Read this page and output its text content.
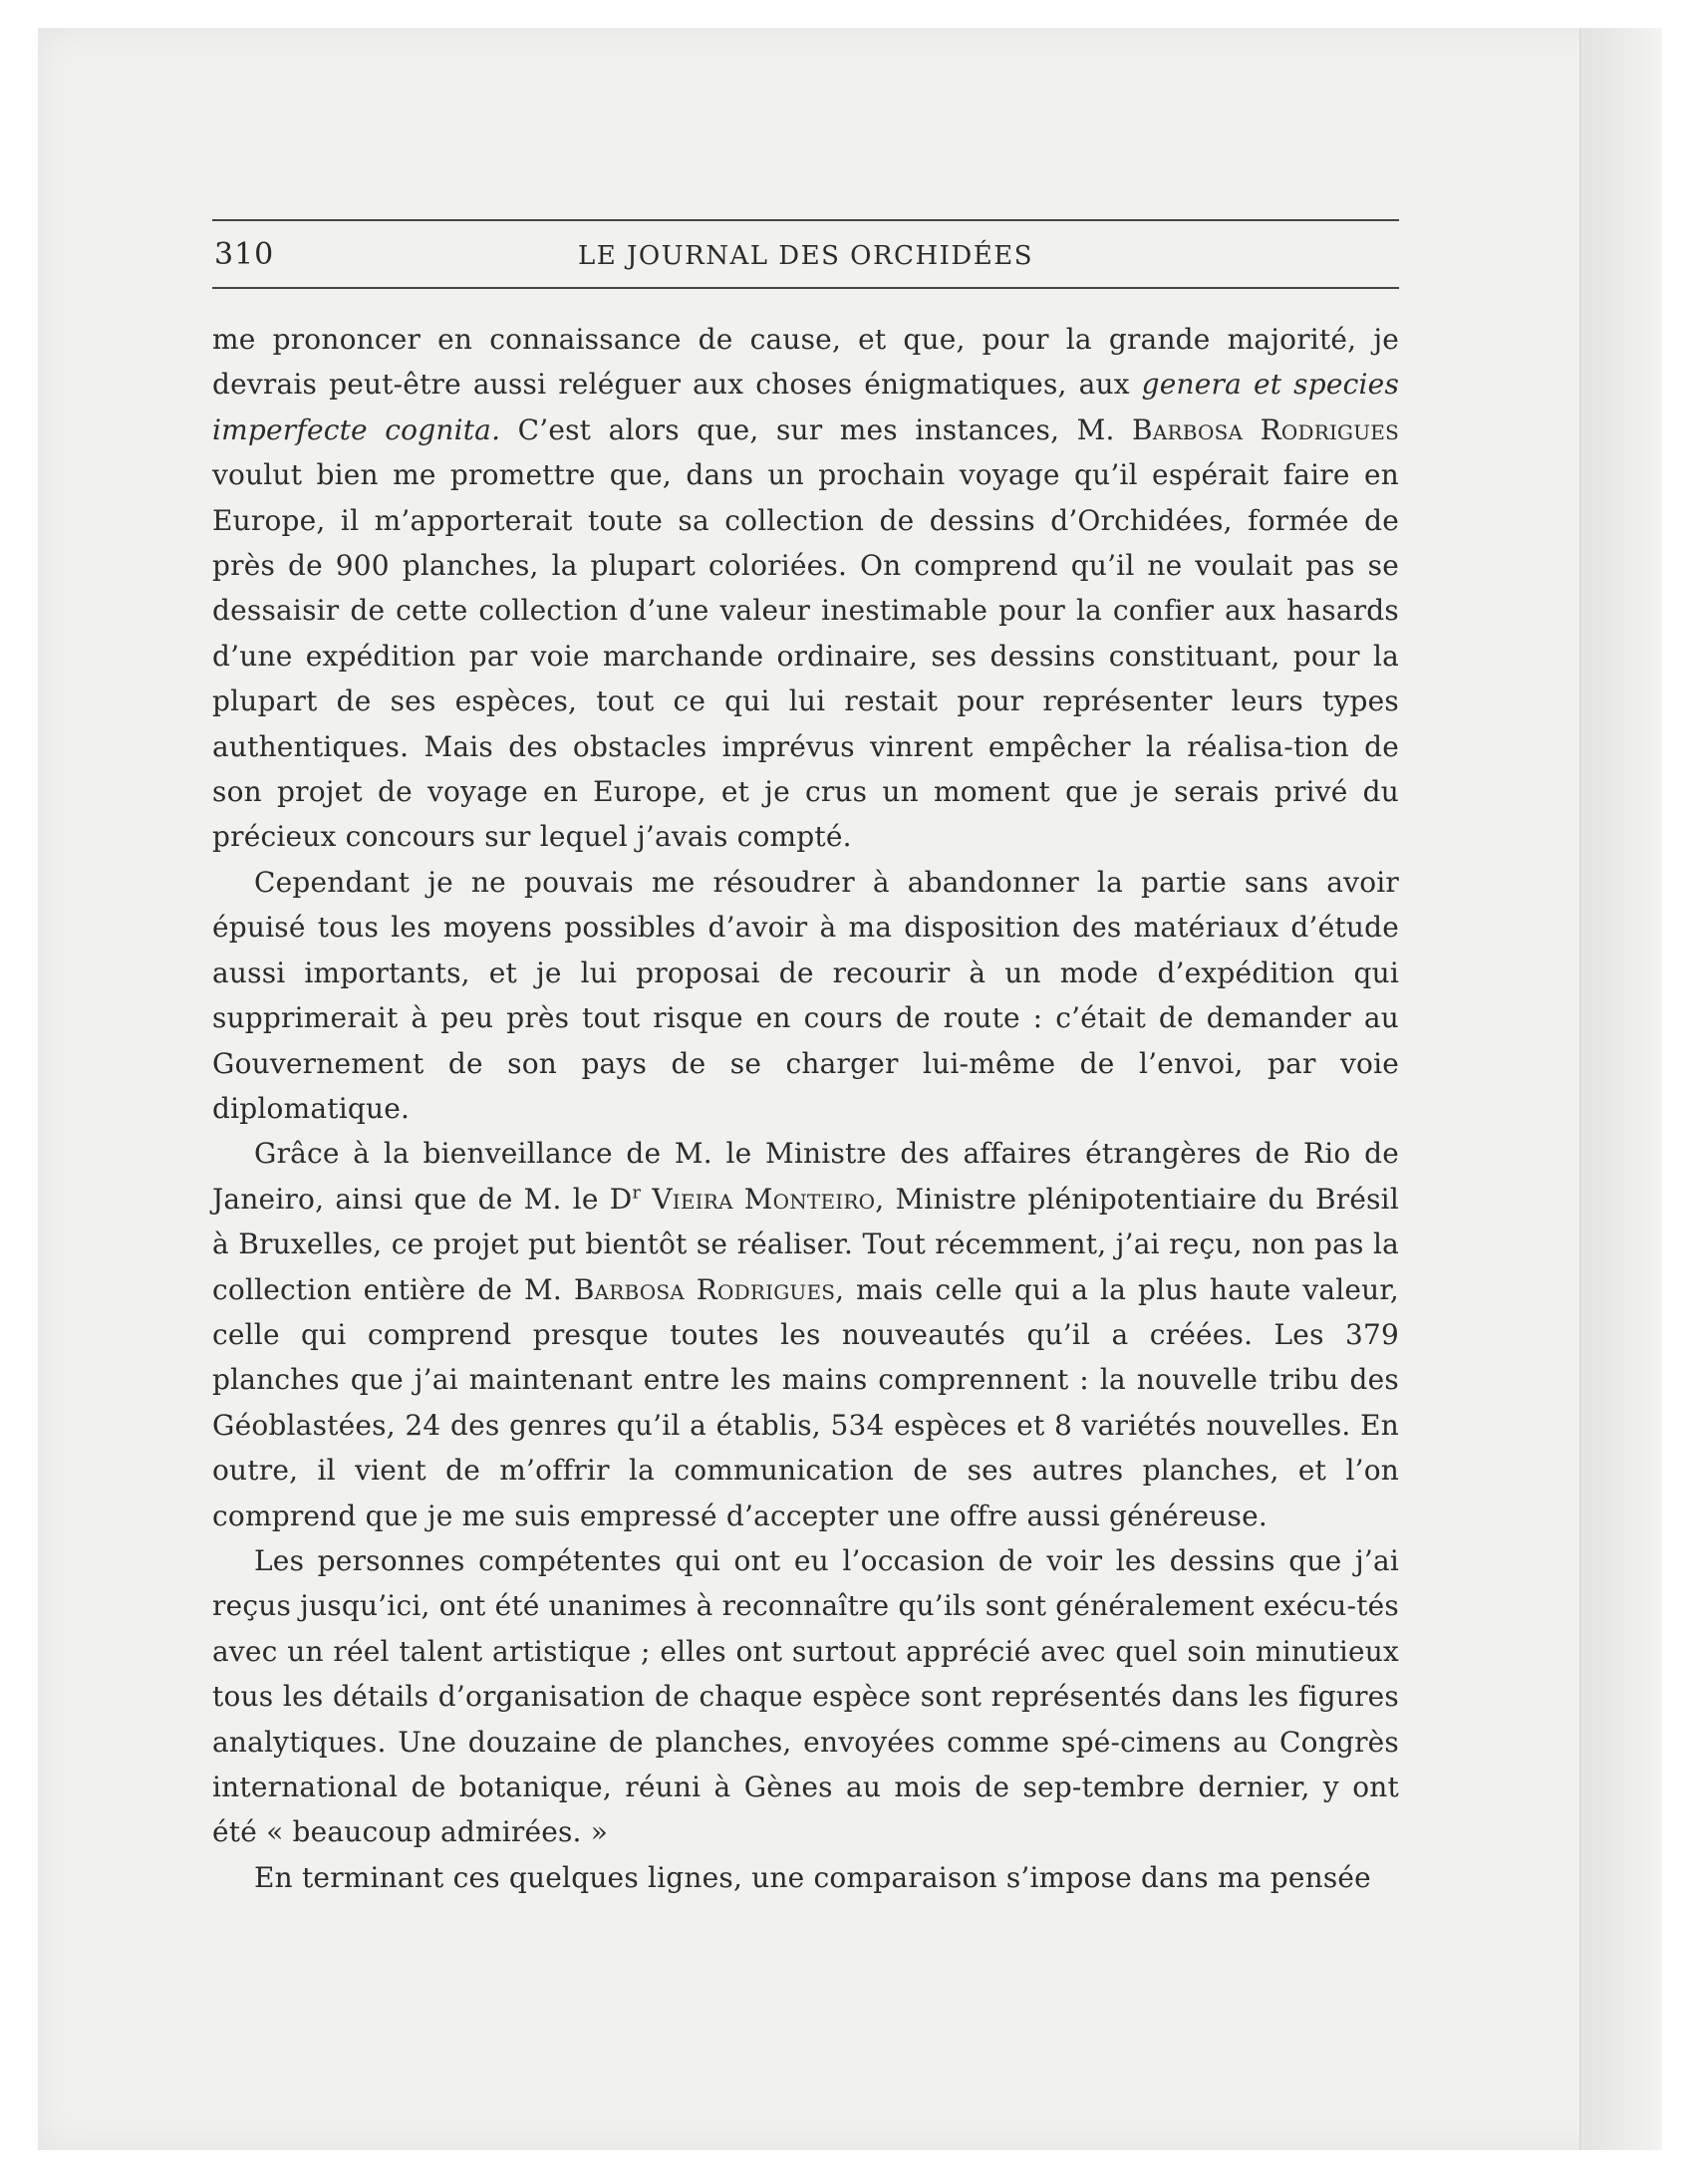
310	LE JOURNAL DES ORCHIDÉES

me prononcer en connaissance de cause, et que, pour la grande majorité, je devrais peut-être aussi reléguer aux choses énigmatiques, aux genera et species imperfecte cognita. C’est alors que, sur mes instances, M. Barbosa Rodrigues voulut bien me promettre que, dans un prochain voyage qu’il espérait faire en Europe, il m’apporterait toute sa collection de dessins d’Orchidées, formée de près de 900 planches, la plupart coloriées. On comprend qu’il ne voulait pas se dessaisir de cette collection d’une valeur inestimable pour la confier aux hasards d’une expédition par voie marchande ordinaire, ses dessins constituant, pour la plupart de ses espèces, tout ce qui lui restait pour représenter leurs types authentiques. Mais des obstacles imprévus vinrent empêcher la réalisa-tion de son projet de voyage en Europe, et je crus un moment que je serais privé du précieux concours sur lequel j’avais compté.

Cependant je ne pouvais me résoudrer à abandonner la partie sans avoir épuisé tous les moyens possibles d’avoir à ma disposition des matériaux d’étude aussi importants, et je lui proposai de recourir à un mode d’expédition qui supprimerait à peu près tout risque en cours de route : c’était de demander au Gouvernement de son pays de se charger lui-même de l’envoi, par voie diplomatique.

Grâce à la bienveillance de M. le Ministre des affaires étrangères de Rio de Janeiro, ainsi que de M. le $D^r$ Vieira Monteiro, Ministre plénipotentiaire du Brésil à Bruxelles, ce projet put bientôt se réaliser. Tout récemment, j’ai reçu, non pas la collection entière de M. Barbosa Rodrigues, mais celle qui a la plus haute valeur, celle qui comprend presque toutes les nouveautés qu’il a créées. Les 379 planches que j’ai maintenant entre les mains comprennent : la nouvelle tribu des Géoblastées, 24 des genres qu’il a établis, 534 espèces et 8 variétés nouvelles. En outre, il vient de m’offrir la communication de ses autres planches, et l’on comprend que je me suis empressé d’accepter une offre aussi généreuse.

Les personnes compétentes qui ont eu l’occasion de voir les dessins que j’ai reçus jusqu’ici, ont été unanimes à reconnaître qu’ils sont généralement exécu-tés avec un réel talent artistique ; elles ont surtout apprécié avec quel soin minutieux tous les détails d’organisation de chaque espèce sont représentés dans les figures analytiques. Une douzaine de planches, envoyées comme spé-cimens au Congrès international de botanique, réuni à Gènes au mois de sep-tembre dernier, y ont été « beaucoup admirées. »

En terminant ces quelques lignes, une comparaison s’impose dans ma pensée
